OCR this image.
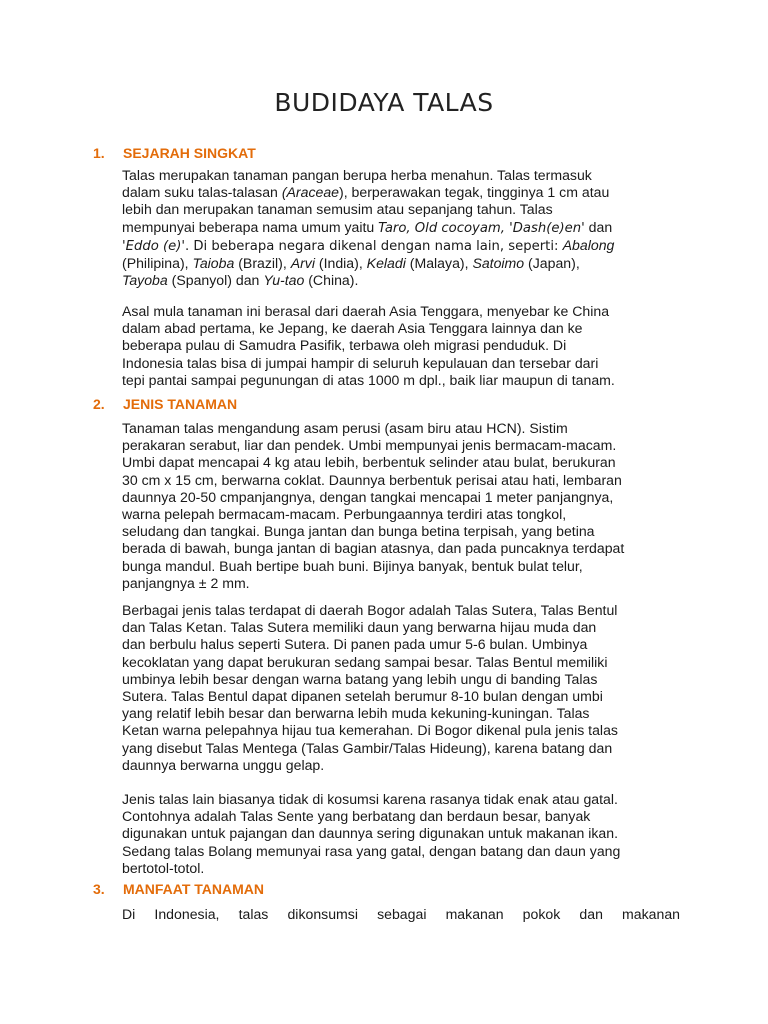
BUDIDAYA TALAS
1. SEJARAH SINGKAT
Talas merupakan tanaman pangan berupa herba menahun. Talas termasuk
dalam suku talas-talasan (Araceae), berperawakan tegak, tingginya 1 cm atau
lebih dan merupakan tanaman semusim atau sepanjang tahun. Talas
mempunyai beberapa nama umum yaitu Taro, Old cocoyam, 'Dash(e)en' dan
'Eddo (e)'. Di beberapa negara dikenal dengan nama lain, seperti: Abalong
(Philipina), Taioba (Brazil), Arvi (India), Keladi (Malaya), Satoimo (Japan),
Tayoba (Spanyol) dan Yu-tao (China).
Asal mula tanaman ini berasal dari daerah Asia Tenggara, menyebar ke China
dalam abad pertama, ke Jepang, ke daerah Asia Tenggara lainnya dan ke
beberapa pulau di Samudra Pasifik, terbawa oleh migrasi penduduk. Di
Indonesia talas bisa di jumpai hampir di seluruh kepulauan dan tersebar dari
tepi pantai sampai pegunungan di atas 1000 m dpl., baik liar maupun di tanam.
2. JENIS TANAMAN
Tanaman talas mengandung asam perusi (asam biru atau HCN). Sistim
perakaran serabut, liar dan pendek. Umbi mempunyai jenis bermacam-macam.
Umbi dapat mencapai 4 kg atau lebih, berbentuk selinder atau bulat, berukuran
30 cm x 15 cm, berwarna coklat. Daunnya berbentuk perisai atau hati, lembaran
daunnya 20-50 cmpanjangnya, dengan tangkai mencapai 1 meter panjangnya,
warna pelepah bermacam-macam. Perbungaannya terdiri atas tongkol,
seludang dan tangkai. Bunga jantan dan bunga betina terpisah, yang betina
berada di bawah, bunga jantan di bagian atasnya, dan pada puncaknya terdapat
bunga mandul. Buah bertipe buah buni. Bijinya banyak, bentuk bulat telur,
panjangnya ± 2 mm.
Berbagai jenis talas terdapat di daerah Bogor adalah Talas Sutera, Talas Bentul
dan Talas Ketan. Talas Sutera memiliki daun yang berwarna hijau muda dan
dan berbulu halus seperti Sutera. Di panen pada umur 5-6 bulan. Umbinya
kecoklatan yang dapat berukuran sedang sampai besar. Talas Bentul memiliki
umbinya lebih besar dengan warna batang yang lebih ungu di banding Talas
Sutera. Talas Bentul dapat dipanen setelah berumur 8-10 bulan dengan umbi
yang relatif lebih besar dan berwarna lebih muda kekuning-kuningan. Talas
Ketan warna pelepahnya hijau tua kemerahan. Di Bogor dikenal pula jenis talas
yang disebut Talas Mentega (Talas Gambir/Talas Hideung), karena batang dan
daunnya berwarna unggu gelap.
Jenis talas lain biasanya tidak di kosumsi karena rasanya tidak enak atau gatal.
Contohnya adalah Talas Sente yang berbatang dan berdaun besar, banyak
digunakan untuk pajangan dan daunnya sering digunakan untuk makanan ikan.
Sedang talas Bolang memunyai rasa yang gatal, dengan batang dan daun yang
bertotol-totol.
3. MANFAAT TANAMAN
Di Indonesia, talas dikonsumsi sebagai makanan pokok dan makanan
